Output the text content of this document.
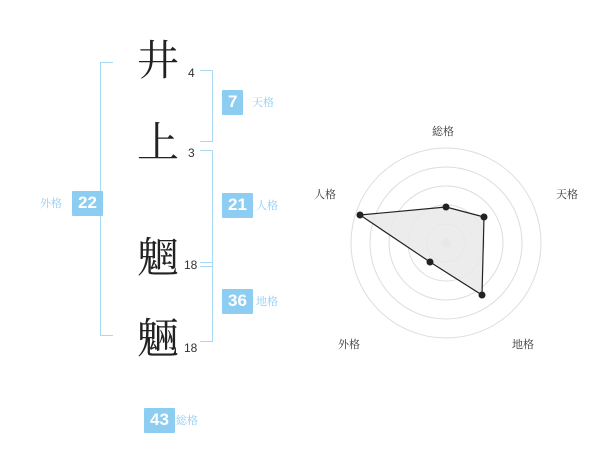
井 4
上 3
魍 18
魎 18
7	天格
21 人格
36 地格
外格 22
43 総格
総格
天格
地格
外格
人格
